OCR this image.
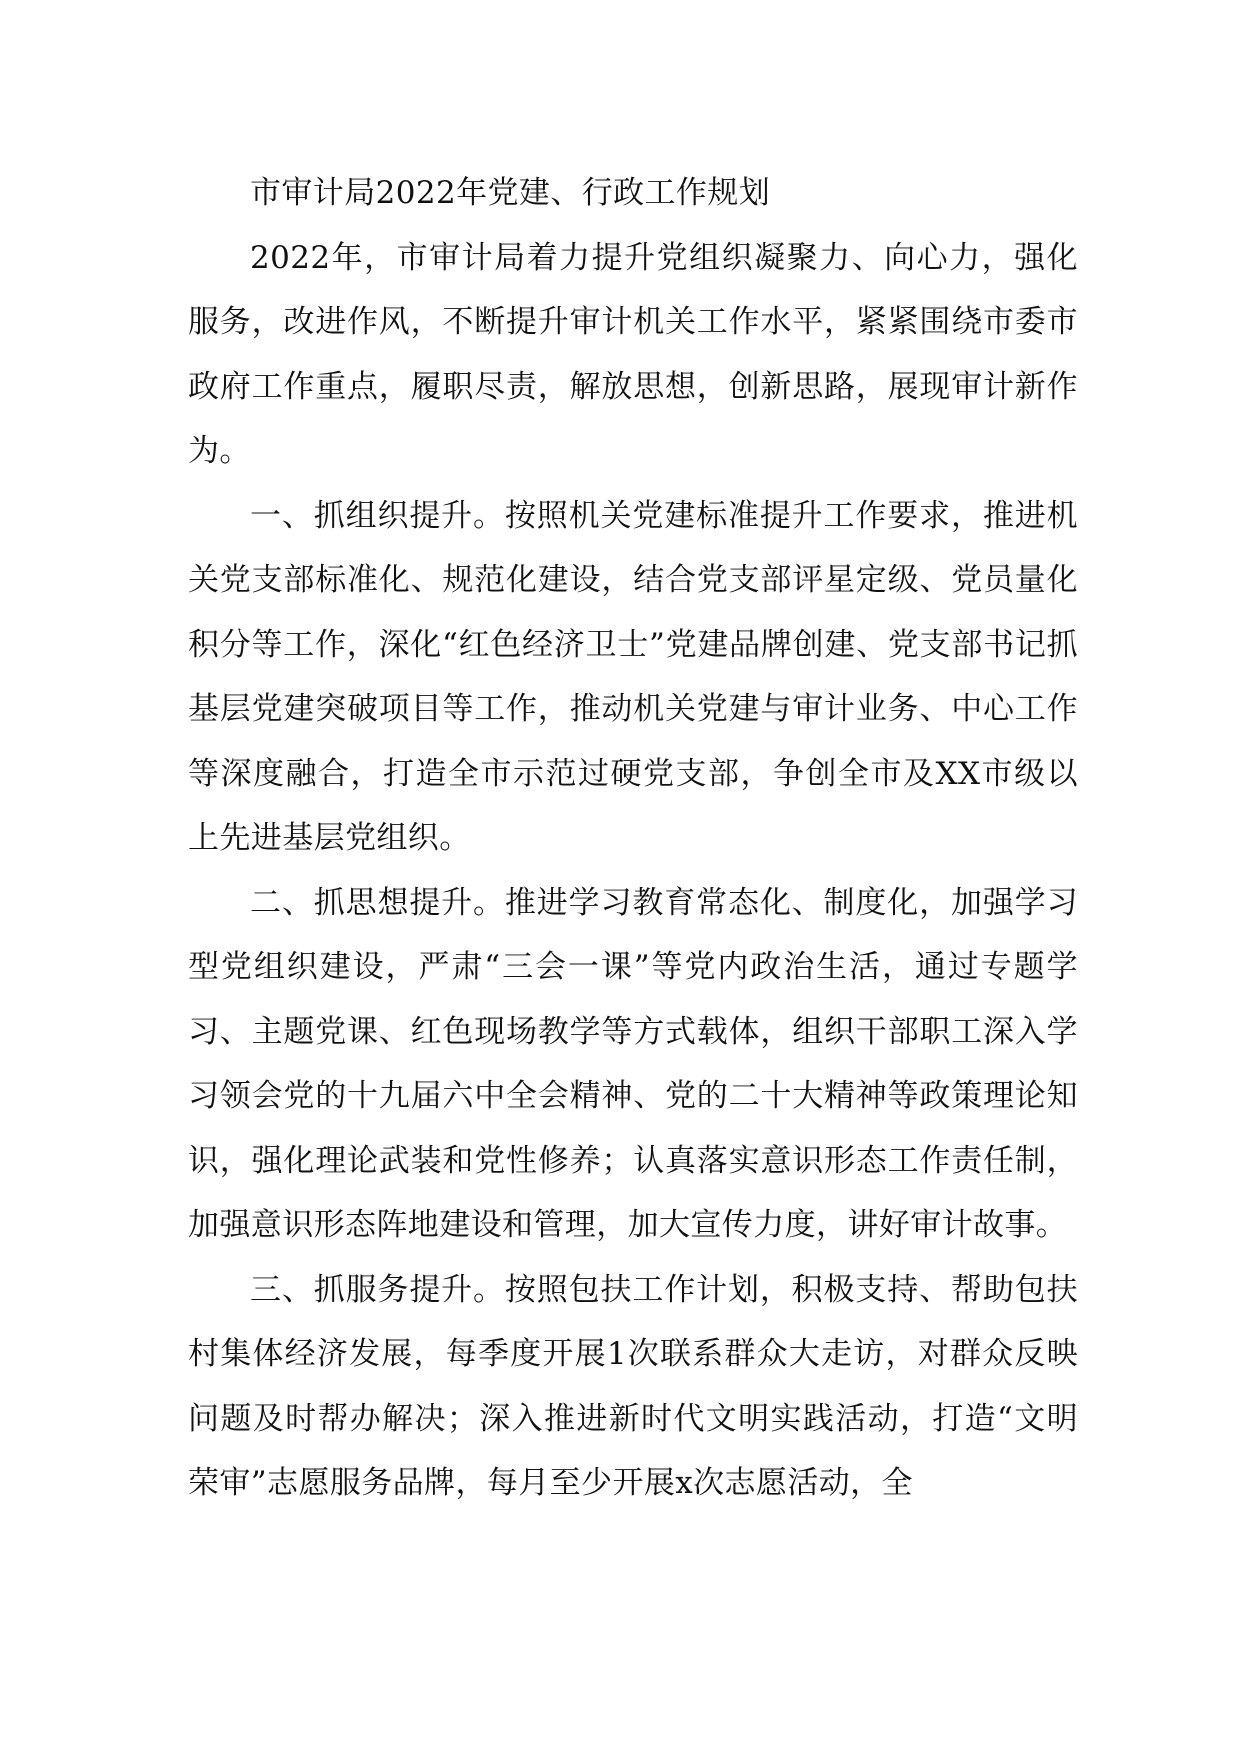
市审计局2022年党建、行政工作规划

2022年，市审计局着力提升党组织凝聚力、向心力，强化服务，改进作风，不断提升审计机关工作水平，紧紧围绕市委市政府工作重点，履职尽责，解放思想，创新思路，展现审计新作为。

一、抓组织提升。按照机关党建标准提升工作要求，推进机关党支部标准化、规范化建设，结合党支部评星定级、党员量化积分等工作，深化“红色经济卫士”党建品牌创建、党支部书记抓基层党建突破项目等工作，推动机关党建与审计业务、中心工作等深度融合，打造全市示范过硬党支部，争创全市及XX市级以上先进基层党组织。

二、抓思想提升。推进学习教育常态化、制度化，加强学习型党组织建设，严肃“三会一课”等党内政治生活，通过专题学习、主题党课、红色现场教学等方式载体，组织干部职工深入学习领会党的十九届六中全会精神、党的二十大精神等政策理论知识，强化理论武装和党性修养；认真落实意识形态工作责任制，加强意识形态阵地建设和管理，加大宣传力度，讲好审计故事。

三、抓服务提升。按照包扶工作计划，积极支持、帮助包扶村集体经济发展，每季度开展1次联系群众大走访，对群众反映问题及时帮办解决；深入推进新时代文明实践活动，打造“文明荣审”志愿服务品牌，每月至少开展x次志愿活动，全
